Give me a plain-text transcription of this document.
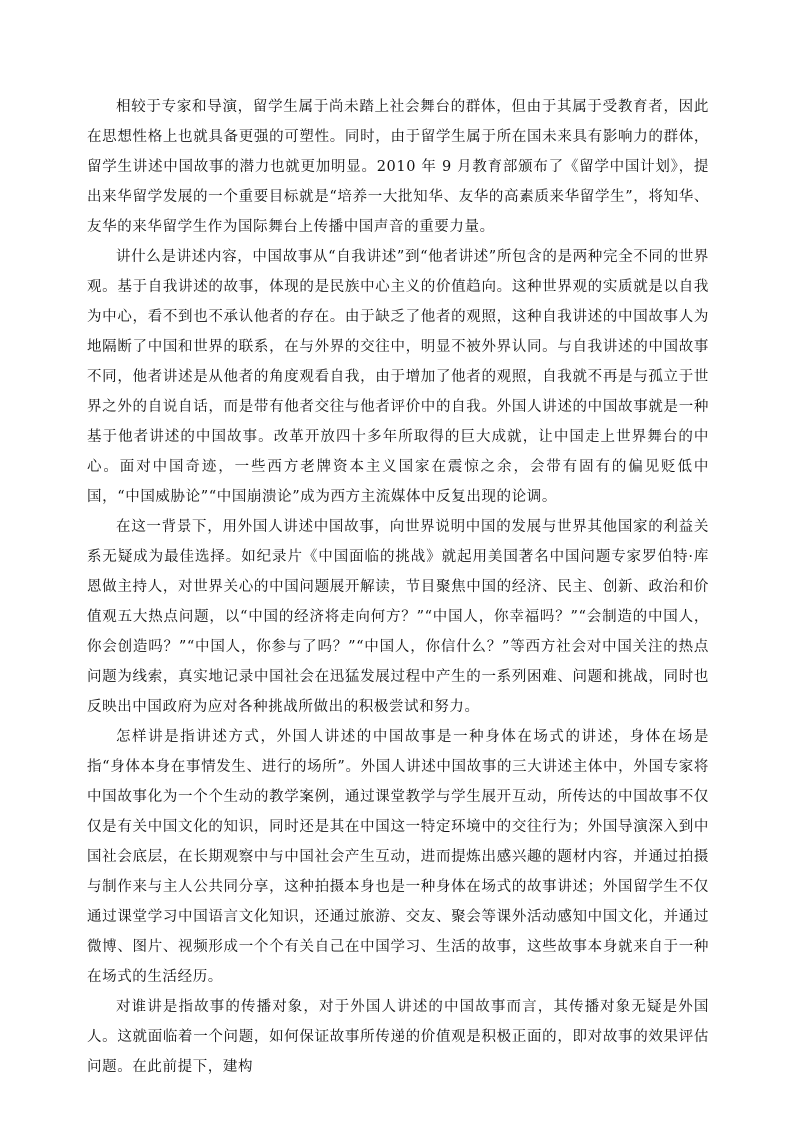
相较于专家和导演，留学生属于尚未踏上社会舞台的群体，但由于其属于受教育者，因此在思想性格上也就具备更强的可塑性。同时，由于留学生属于所在国未来具有影响力的群体，留学生讲述中国故事的潜力也就更加明显。2010 年 9 月教育部颁布了《留学中国计划》，提出来华留学发展的一个重要目标就是“培养一大批知华、友华的高素质来华留学生”，将知华、友华的来华留学生作为国际舞台上传播中国声音的重要力量。

讲什么是讲述内容，中国故事从“自我讲述”到“他者讲述”所包含的是两种完全不同的世界观。基于自我讲述的故事，体现的是民族中心主义的价值趋向。这种世界观的实质就是以自我为中心，看不到也不承认他者的存在。由于缺乏了他者的观照，这种自我讲述的中国故事人为地隔断了中国和世界的联系，在与外界的交往中，明显不被外界认同。与自我讲述的中国故事不同，他者讲述是从他者的角度观看自我，由于增加了他者的观照，自我就不再是与孤立于世界之外的自说自话，而是带有他者交往与他者评价中的自我。外国人讲述的中国故事就是一种基于他者讲述的中国故事。改革开放四十多年所取得的巨大成就，让中国走上世界舞台的中心。面对中国奇迹，一些西方老牌资本主义国家在震惊之余，会带有固有的偏见贬低中国，“中国威胁论”“中国崩溃论”成为西方主流媒体中反复出现的论调。

在这一背景下，用外国人讲述中国故事，向世界说明中国的发展与世界其他国家的利益关系无疑成为最佳选择。如纪录片《中国面临的挑战》就起用美国著名中国问题专家罗伯特·库恩做主持人，对世界关心的中国问题展开解读，节目聚焦中国的经济、民主、创新、政治和价值观五大热点问题，以“中国的经济将走向何方？”“中国人，你幸福吗？”“会制造的中国人，你会创造吗？”“中国人，你参与了吗？”“中国人，你信什么？”等西方社会对中国关注的热点问题为线索，真实地记录中国社会在迅猛发展过程中产生的一系列困难、问题和挑战，同时也反映出中国政府为应对各种挑战所做出的积极尝试和努力。

怎样讲是指讲述方式，外国人讲述的中国故事是一种身体在场式的讲述，身体在场是指“身体本身在事情发生、进行的场所”。外国人讲述中国故事的三大讲述主体中，外国专家将中国故事化为一个个生动的教学案例，通过课堂教学与学生展开互动，所传达的中国故事不仅仅是有关中国文化的知识，同时还是其在中国这一特定环境中的交往行为；外国导演深入到中国社会底层，在长期观察中与中国社会产生互动，进而提炼出感兴趣的题材内容，并通过拍摄与制作来与主人公共同分享，这种拍摄本身也是一种身体在场式的故事讲述；外国留学生不仅通过课堂学习中国语言文化知识，还通过旅游、交友、聚会等课外活动感知中国文化，并通过微博、图片、视频形成一个个有关自己在中国学习、生活的故事，这些故事本身就来自于一种在场式的生活经历。

对谁讲是指故事的传播对象，对于外国人讲述的中国故事而言，其传播对象无疑是外国人。这就面临着一个问题，如何保证故事所传递的价值观是积极正面的，即对故事的效果评估问题。在此前提下，建构
